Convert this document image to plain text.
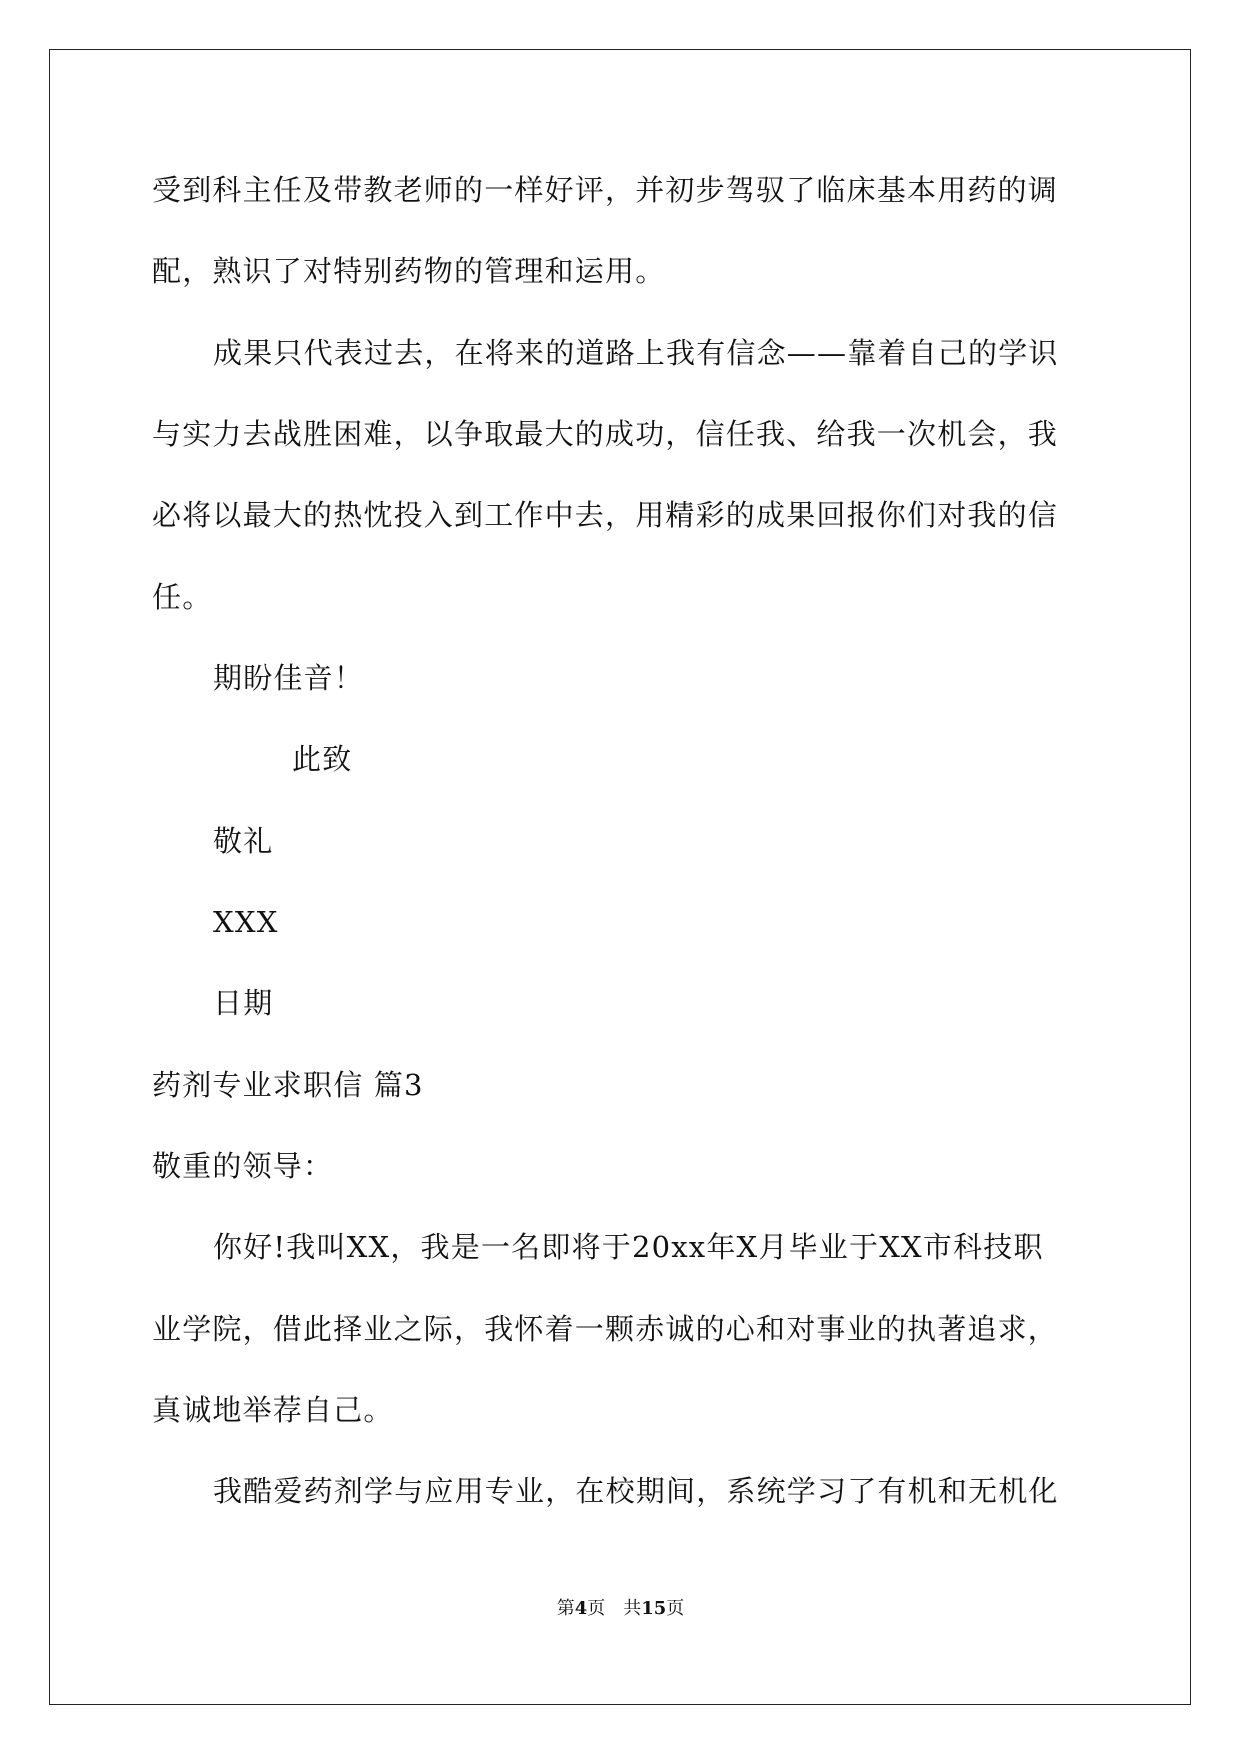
受到科主任及带教老师的一样好评，并初步驾驭了临床基本用药的调
配，熟识了对特别药物的管理和运用。
成果只代表过去，在将来的道路上我有信念——靠着自己的学识
与实力去战胜困难，以争取最大的成功，信任我、给我一次机会，我
必将以最大的热忱投入到工作中去，用精彩的成果回报你们对我的信
任。
期盼佳音！
此致
敬礼
XXX
日期
药剂专业求职信 篇3
敬重的领导：
你好!我叫XX，我是一名即将于20xx年X月毕业于XX市科技职
业学院，借此择业之际，我怀着一颗赤诚的心和对事业的执著追求，
真诚地举荐自己。
我酷爱药剂学与应用专业，在校期间，系统学习了有机和无机化
第4页 共15页
